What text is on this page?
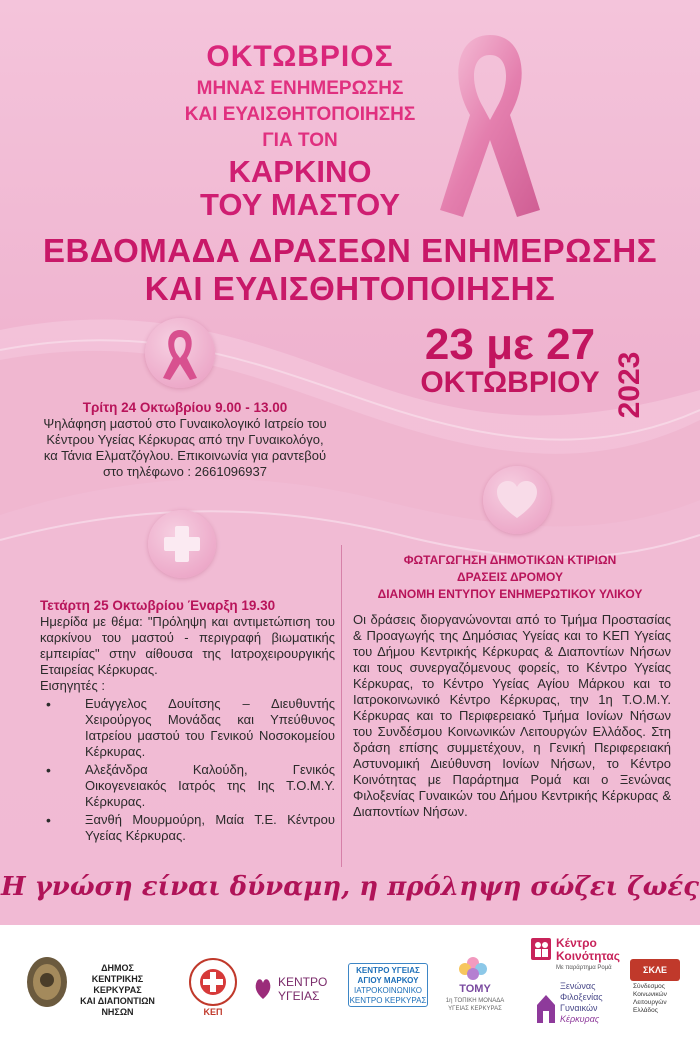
ΟΚΤΩΒΡΙΟΣ
ΜΗΝΑΣ ΕΝΗΜΕΡΩΣΗΣ
ΚΑΙ ΕΥΑΙΣΘΗΤΟΠΟΙΗΣΗΣ
ΓΙΑ ΤΟΝ
ΚΑΡΚΙΝΟ
ΤΟΥ ΜΑΣΤΟΥ
ΕΒΔΟΜΑΔΑ ΔΡΑΣΕΩΝ ΕΝΗΜΕΡΩΣΗΣ
ΚΑΙ ΕΥΑΙΣΘΗΤΟΠΟΙΗΣΗΣ
23 με 27
ΟΚΤΩΒΡΙΟΥ 2023
Τρίτη 24 Οκτωβρίου 9.00 - 13.00
Ψηλάφηση μαστού στο Γυναικολογικό Ιατρείο του Κέντρου Υγείας Κέρκυρας από την Γυναικολόγο, κα Τάνια Ελματζόγλου. Επικοινωνία για ραντεβού στο τηλέφωνο : 2661096937
Τετάρτη 25 Οκτωβρίου Έναρξη 19.30
Ημερίδα με θέμα: "Πρόληψη και αντιμετώπιση του καρκίνου του μαστού - περιγραφή βιωματικής εμπειρίας" στην αίθουσα της Ιατροχειρουργικής Εταιρείας Κέρκυρας.
Εισηγητές :
• Ευάγγελος Δουίτσης – Διευθυντής Χειρούργος Μονάδας και Υπεύθυνος Ιατρείου μαστού του Γενικού Νοσοκομείου Κέρκυρας.
• Αλεξάνδρα Καλούδη, Γενικός Οικογενειακός Ιατρός της Ιης Τ.Ο.Μ.Υ. Κέρκυρας.
• Ξανθή Μουρμούρη, Μαία Τ.Ε. Κέντρου Υγείας Κέρκυρας.
ΦΩΤΑΓΩΓΗΣΗ ΔΗΜΟΤΙΚΩΝ ΚΤΙΡΙΩΝ
ΔΡΑΣΕΙΣ ΔΡΟΜΟΥ
ΔΙΑΝΟΜΗ ΕΝΤΥΠΟΥ ΕΝΗΜΕΡΩΤΙΚΟΥ ΥΛΙΚΟΥ
Οι δράσεις διοργανώνονται από το Τμήμα Προστασίας & Προαγωγής της Δημόσιας Υγείας και το ΚΕΠ Υγείας του Δήμου Κεντρικής Κέρκυρας & Διαποντίων Νήσων και τους συνεργαζόμενους φορείς, το Κέντρο Υγείας Κέρκυρας, το Κέντρο Υγείας Αγίου Μάρκου και το Ιατροκοινωνικό Κέντρο Κέρκυρας, την 1η Τ.Ο.Μ.Υ. Κέρκυρας και το Περιφερειακό Τμήμα Ιονίων Νήσων του Συνδέσμου Κοινωνικών Λειτουργών Ελλάδος. Στη δράση επίσης συμμετέχουν, η Γενική Περιφερειακή Αστυνομική Διεύθυνση Ιονίων Νήσων, το Κέντρο Κοινότητας με Παράρτημα Ρομά και ο Ξενώνας Φιλοξενίας Γυναικών του Δήμου Κεντρικής Κέρκυρας & Διαποντίων Νήσων.
Η γνώση είναι δύναμη, η πρόληψη σώζει ζωές
ΔΗΜΟΣ ΚΕΝΤΡΙΚΗΣ
ΚΕΡΚΥΡΑΣ
ΚΑΙ ΔΙΑΠΟΝΤΙΩΝ
ΝΗΣΩΝ	ΚΕΠ
ΚΕΝΤΡΟ
ΥΓΕΙΑΣ
ΚΕΝΤΡΟ ΥΓΕΙΑΣ
ΑΓΙΟΥ ΜΑΡΚΟΥ
ΙΑΤΡΟΚΟΙΝΩΝΙΚΟ
ΚΕΝΤΡΟ ΚΕΡΚΥΡΑΣ
ΤΟΜΥ
1η ΤΟΠΙΚΗ ΜΟΝΑΔΑ ΥΓΕΙΑΣ ΚΕΡΚΥΡΑΣ
Κέντρο
Κοινότητας
Με παράρτημα Ρομά
Ξενώνας
Φιλοξενίας
Γυναικών
Κέρκυρας
ΣΚΛΕ
Σύνδεσμος
Κοινωνικών
Λειτουργών
Ελλάδος
